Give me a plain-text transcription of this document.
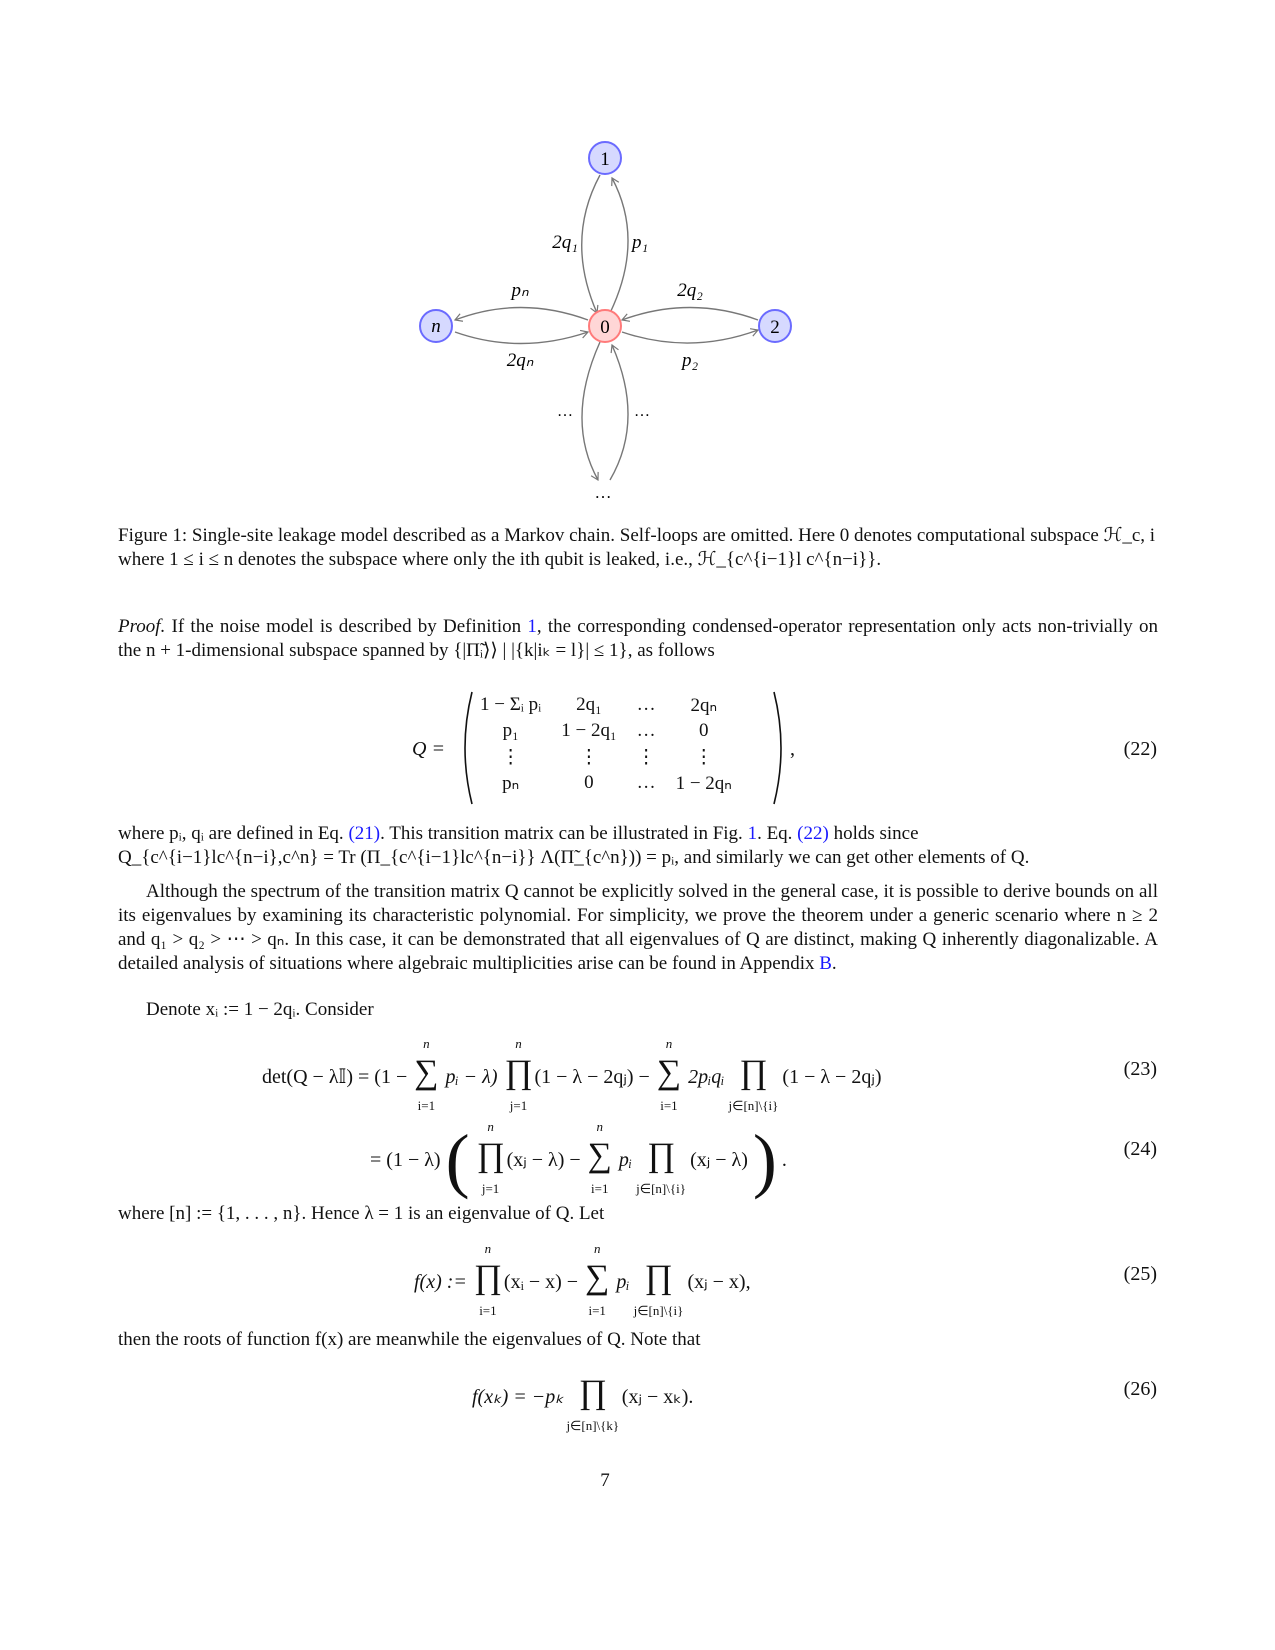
0
1
2
n
…
2q₁	p₁
2q₂
p₂
pₙ
2qₙ
…	…
Figure 1: Single-site leakage model described as a Markov chain. Self-loops are omitted. Here 0 denotes computational subspace ℋ_c, i where 1 ≤ i ≤ n denotes the subspace where only the ith qubit is leaked, i.e., ℋ_{c^{i−1}l c^{n−i}}.
Proof. If the noise model is described by Definition 1, the corresponding condensed-operator representation only acts non-trivially on the n + 1-dimensional subspace spanned by {|Π̃ᵢ⟩⟩ | |{k|iₖ = l}| ≤ 1}, as follows
Q =
1 − Σᵢ pᵢ	2q₁	…	2qₙ
p₁	1 − 2q₁	…	0
⋮	⋮	⋮	⋮
pₙ	0	…	1 − 2qₙ
,	(22)
where pᵢ, qᵢ are defined in Eq. (21). This transition matrix can be illustrated in Fig. 1. Eq. (22) holds since
Q_{c^{i−1}lc^{n−i},c^n} = Tr (Π_{c^{i−1}lc^{n−i}} Λ(Π̃_{c^n})) = pᵢ, and similarly we can get other elements of Q.
Although the spectrum of the transition matrix Q cannot be explicitly solved in the general case, it is possible to derive bounds on all its eigenvalues by examining its characteristic polynomial. For simplicity, we prove the theorem under a generic scenario where n ≥ 2 and q₁ > q₂ > ⋯ > qₙ. In this case, it can be demonstrated that all eigenvalues of Q are distinct, making Q inherently diagonalizable. A detailed analysis of situations where algebraic multiplicities arise can be found in Appendix B.
Denote xᵢ := 1 − 2qᵢ. Consider
det(Q − λ𝕀) = (1 −
n
∑
i=1
pᵢ − λ)
n
∏
j=1
(1 − λ − 2qⱼ) −
n
∑
i=1
2pᵢqᵢ ∏
j∈[n]\{i}
(1 − λ − 2qⱼ)	(23)
= (1 − λ) (	n
∏
j=1
(xⱼ − λ) −
n
∑
i=1
pᵢ ∏
j∈[n]\{i}
(xⱼ − λ) ) .	(24)
where [n] := {1, . . . , n}. Hence λ = 1 is an eigenvalue of Q. Let
f(x) :=
n
∏
i=1
(xᵢ − x) −
n
∑
i=1
pᵢ ∏
j∈[n]\{i}
(xⱼ − x),	(25)
then the roots of function f(x) are meanwhile the eigenvalues of Q. Note that
f(xₖ) = −pₖ ∏
j∈[n]\{k}
(xⱼ − xₖ).	(26)
7
